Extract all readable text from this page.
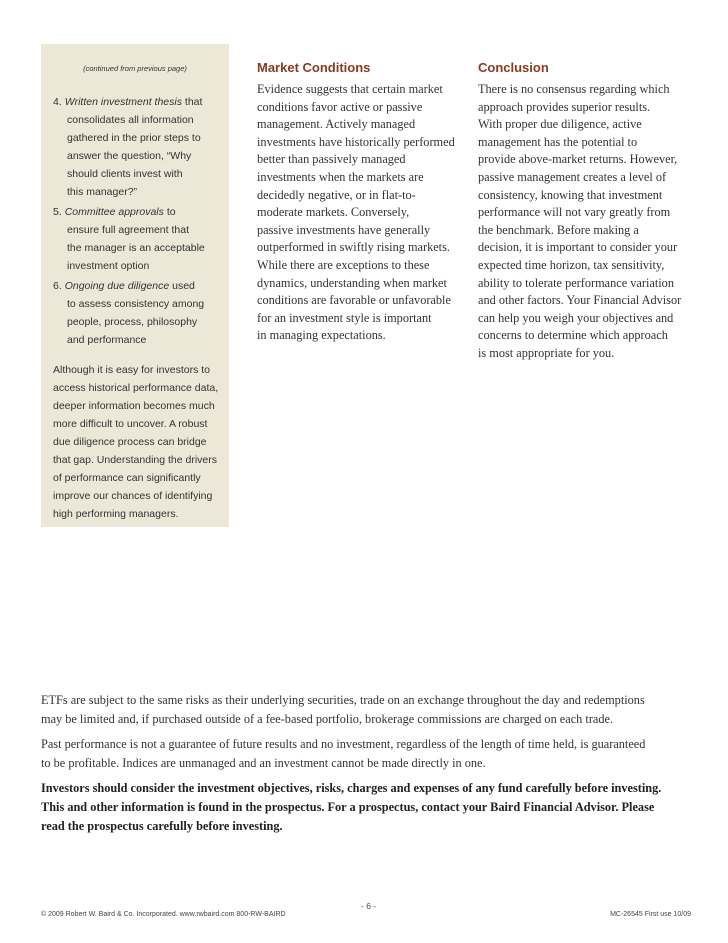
(continued from previous page)
4. Written investment thesis that
consolidates all information
gathered in the prior steps to
answer the question, “Why
should clients invest with
this manager?”
5. Committee approvals to
ensure full agreement that
the manager is an acceptable
investment option
6. Ongoing due diligence used
to assess consistency among
people, process, philosophy
and performance
Although it is easy for investors to
access historical performance data,
deeper information becomes much
more difficult to uncover. A robust
due diligence process can bridge
that gap. Understanding the drivers
of performance can significantly
improve our chances of identifying
high performing managers.
Market Conditions
Evidence suggests that certain market
conditions favor active or passive
management. Actively managed
investments have historically performed
better than passively managed
investments when the markets are
decidedly negative, or in flat-to-
moderate markets. Conversely,
passive investments have generally
outperformed in swiftly rising markets.
While there are exceptions to these
dynamics, understanding when market
conditions are favorable or unfavorable
for an investment style is important
in managing expectations.
Conclusion
There is no consensus regarding which
approach provides superior results.
With proper due diligence, active
management has the potential to
provide above-market returns. However,
passive management creates a level of
consistency, knowing that investment
performance will not vary greatly from
the benchmark. Before making a
decision, it is important to consider your
expected time horizon, tax sensitivity,
ability to tolerate performance variation
and other factors. Your Financial Advisor
can help you weigh your objectives and
concerns to determine which approach
is most appropriate for you.

ETFs are subject to the same risks as their underlying securities, trade on an exchange throughout the day and redemptions
may be limited and, if purchased outside of a fee-based portfolio, brokerage commissions are charged on each trade.

Past performance is not a guarantee of future results and no investment, regardless of the length of time held, is guaranteed
to be profitable. Indices are unmanaged and an investment cannot be made directly in one.

Investors should consider the investment objectives, risks, charges and expenses of any fund carefully before investing.
This and other information is found in the prospectus. For a prospectus, contact your Baird Financial Advisor. Please
read the prospectus carefully before investing.

© 2009 Robert W. Baird & Co. Incorporated. www.rwbaird.com 800-RW-BAIRD
- 6 -
MC-26545 First use 10/09
